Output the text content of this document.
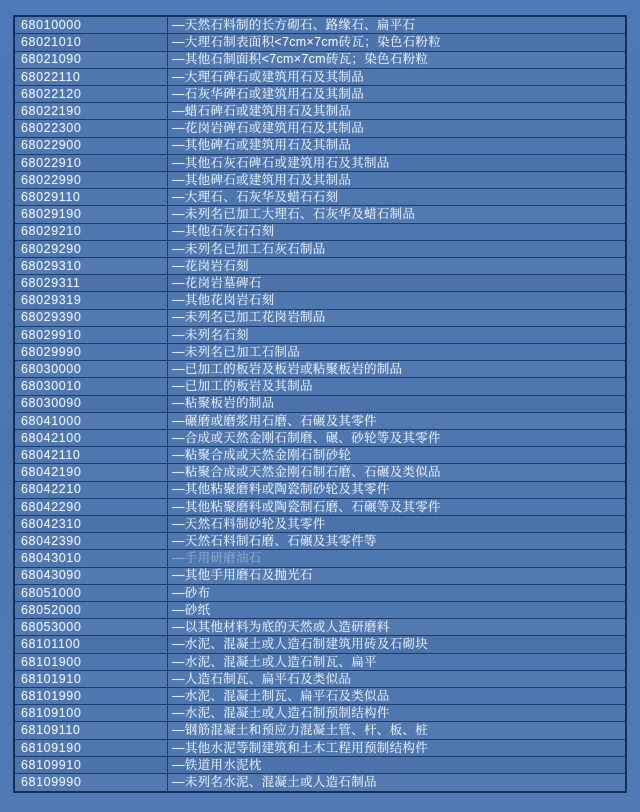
68010000	—天然石料制的长方砌石、路缘石、扁平石
68021010	—大理石制表面积<7cm×7cm砖瓦；染色石粉粒
68021090	—其他石制面积<7cm×7cm砖瓦；染色石粉粒
68022110	—大理石碑石或建筑用石及其制品
68022120	—石灰华碑石或建筑用石及其制品
68022190	—蜡石碑石或建筑用石及其制品
68022300	—花岗岩碑石或建筑用石及其制品
68022900	—其他碑石或建筑用石及其制品
68022910	—其他石灰石碑石或建筑用石及其制品
68022990	—其他碑石或建筑用石及其制品
68029110	—大理石、石灰华及蜡石石刻
68029190	—未列名已加工大理石、石灰华及蜡石制品
68029210	—其他石灰石石刻
68029290	—未列名已加工石灰石制品
68029310	—花岗岩石刻
68029311	—花岗岩墓碑石
68029319	—其他花岗岩石刻
68029390	—未列名已加工花岗岩制品
68029910	—未列名石刻
68029990	—未列名已加工石制品
68030000	—已加工的板岩及板岩或粘聚板岩的制品
68030010	—已加工的板岩及其制品
68030090	—粘聚板岩的制品
68041000	—碾磨或磨浆用石磨、石碾及其零件
68042100	—合成或天然金刚石制磨、碾、砂轮等及其零件
68042110	—粘聚合成或天然金刚石制砂轮
68042190	—粘聚合成或天然金刚石制石磨、石碾及类似品
68042210	—其他粘聚磨料或陶瓷制砂轮及其零件
68042290	—其他粘聚磨料或陶瓷制石磨、石碾等及其零件
68042310	—天然石料制砂轮及其零件
68042390	—天然石料制石磨、石碾及其零件等
68043010	—手用研磨油石
68043090	—其他手用磨石及抛光石
68051000	—砂布
68052000	—砂纸
68053000	—以其他材料为底的天然或人造研磨料
68101100	—水泥、混凝土或人造石制建筑用砖及石砌块
68101900	—水泥、混凝土或人造石制瓦、扁平
68101910	—人造石制瓦、扁平石及类似品
68101990	—水泥、混凝土制瓦、扁平石及类似品
68109100	—水泥、混凝土或人造石制预制结构件
68109110	—钢筋混凝土和预应力混凝土管、杆、板、桩
68109190	—其他水泥等制建筑和土木工程用预制结构件
68109910	—铁道用水泥枕
68109990	—未列名水泥、混凝土或人造石制品
